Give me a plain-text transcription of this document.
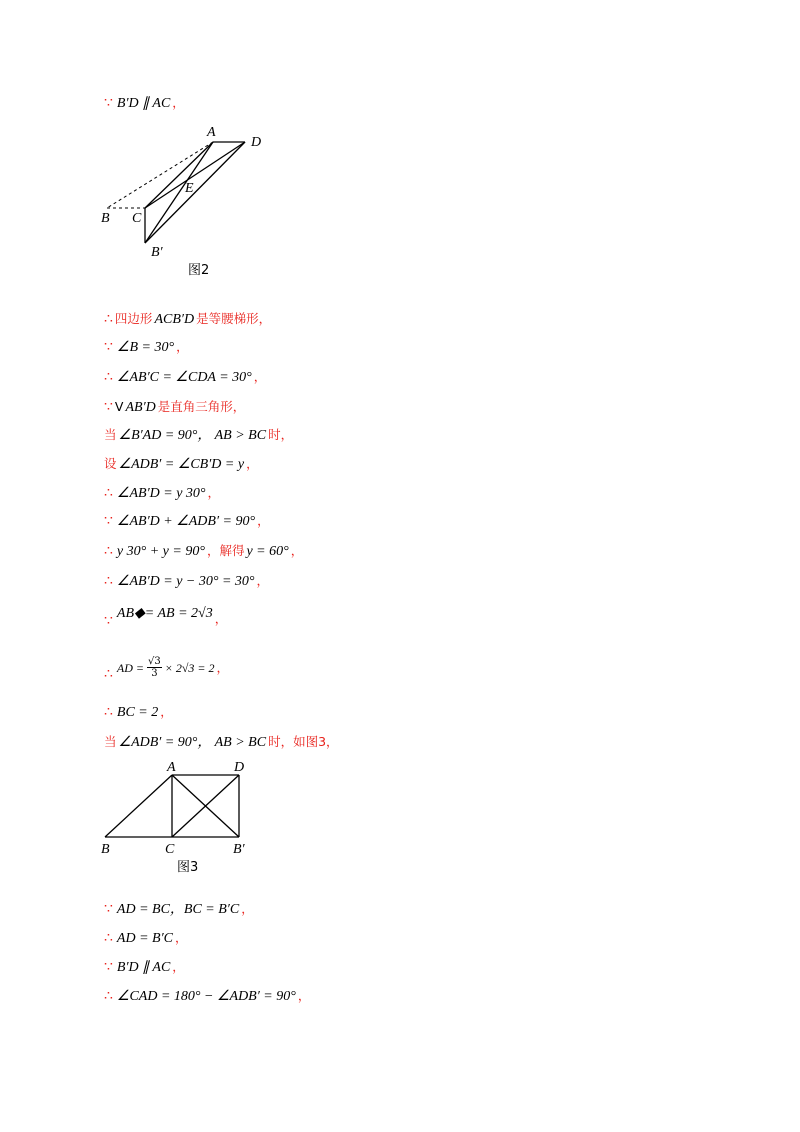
∵ B′D ∥ AC ，
A
D
E
B C
B′
图2
∴ 四边形 ACB′D 是等腰梯形，
∵ ∠B = 30° ，
∴ ∠AB′C = ∠CDA = 30° ，
∵ V AB′D 是直角三角形，
当 ∠B′AD = 90°， AB > BC 时，
设 ∠ADB′ = ∠CB′D = y ，
∴ ∠AB′D = y 30° ，
∵ ∠AB′D + ∠ADB′ = 90° ，
∴ y 30° + y = 90° ，解得 y = 60° ，
∴ ∠AB′D = y − 30° = 30° ，
∵ AB◆= AB = 2√3 ，
∴ AD = $\frac{√3}{3} \times 2√3 = 2$ ，
∴ BC = 2 ，
当 ∠ADB′ = 90°， AB > BC 时，如图3，
A	D
B	C	B′
图3
∵ AD = BC，BC = B′C ，
∴ AD = B′C ，
∵ B′D ∥ AC ，
∴ ∠CAD = 180° − ∠ADB′ = 90° ，
